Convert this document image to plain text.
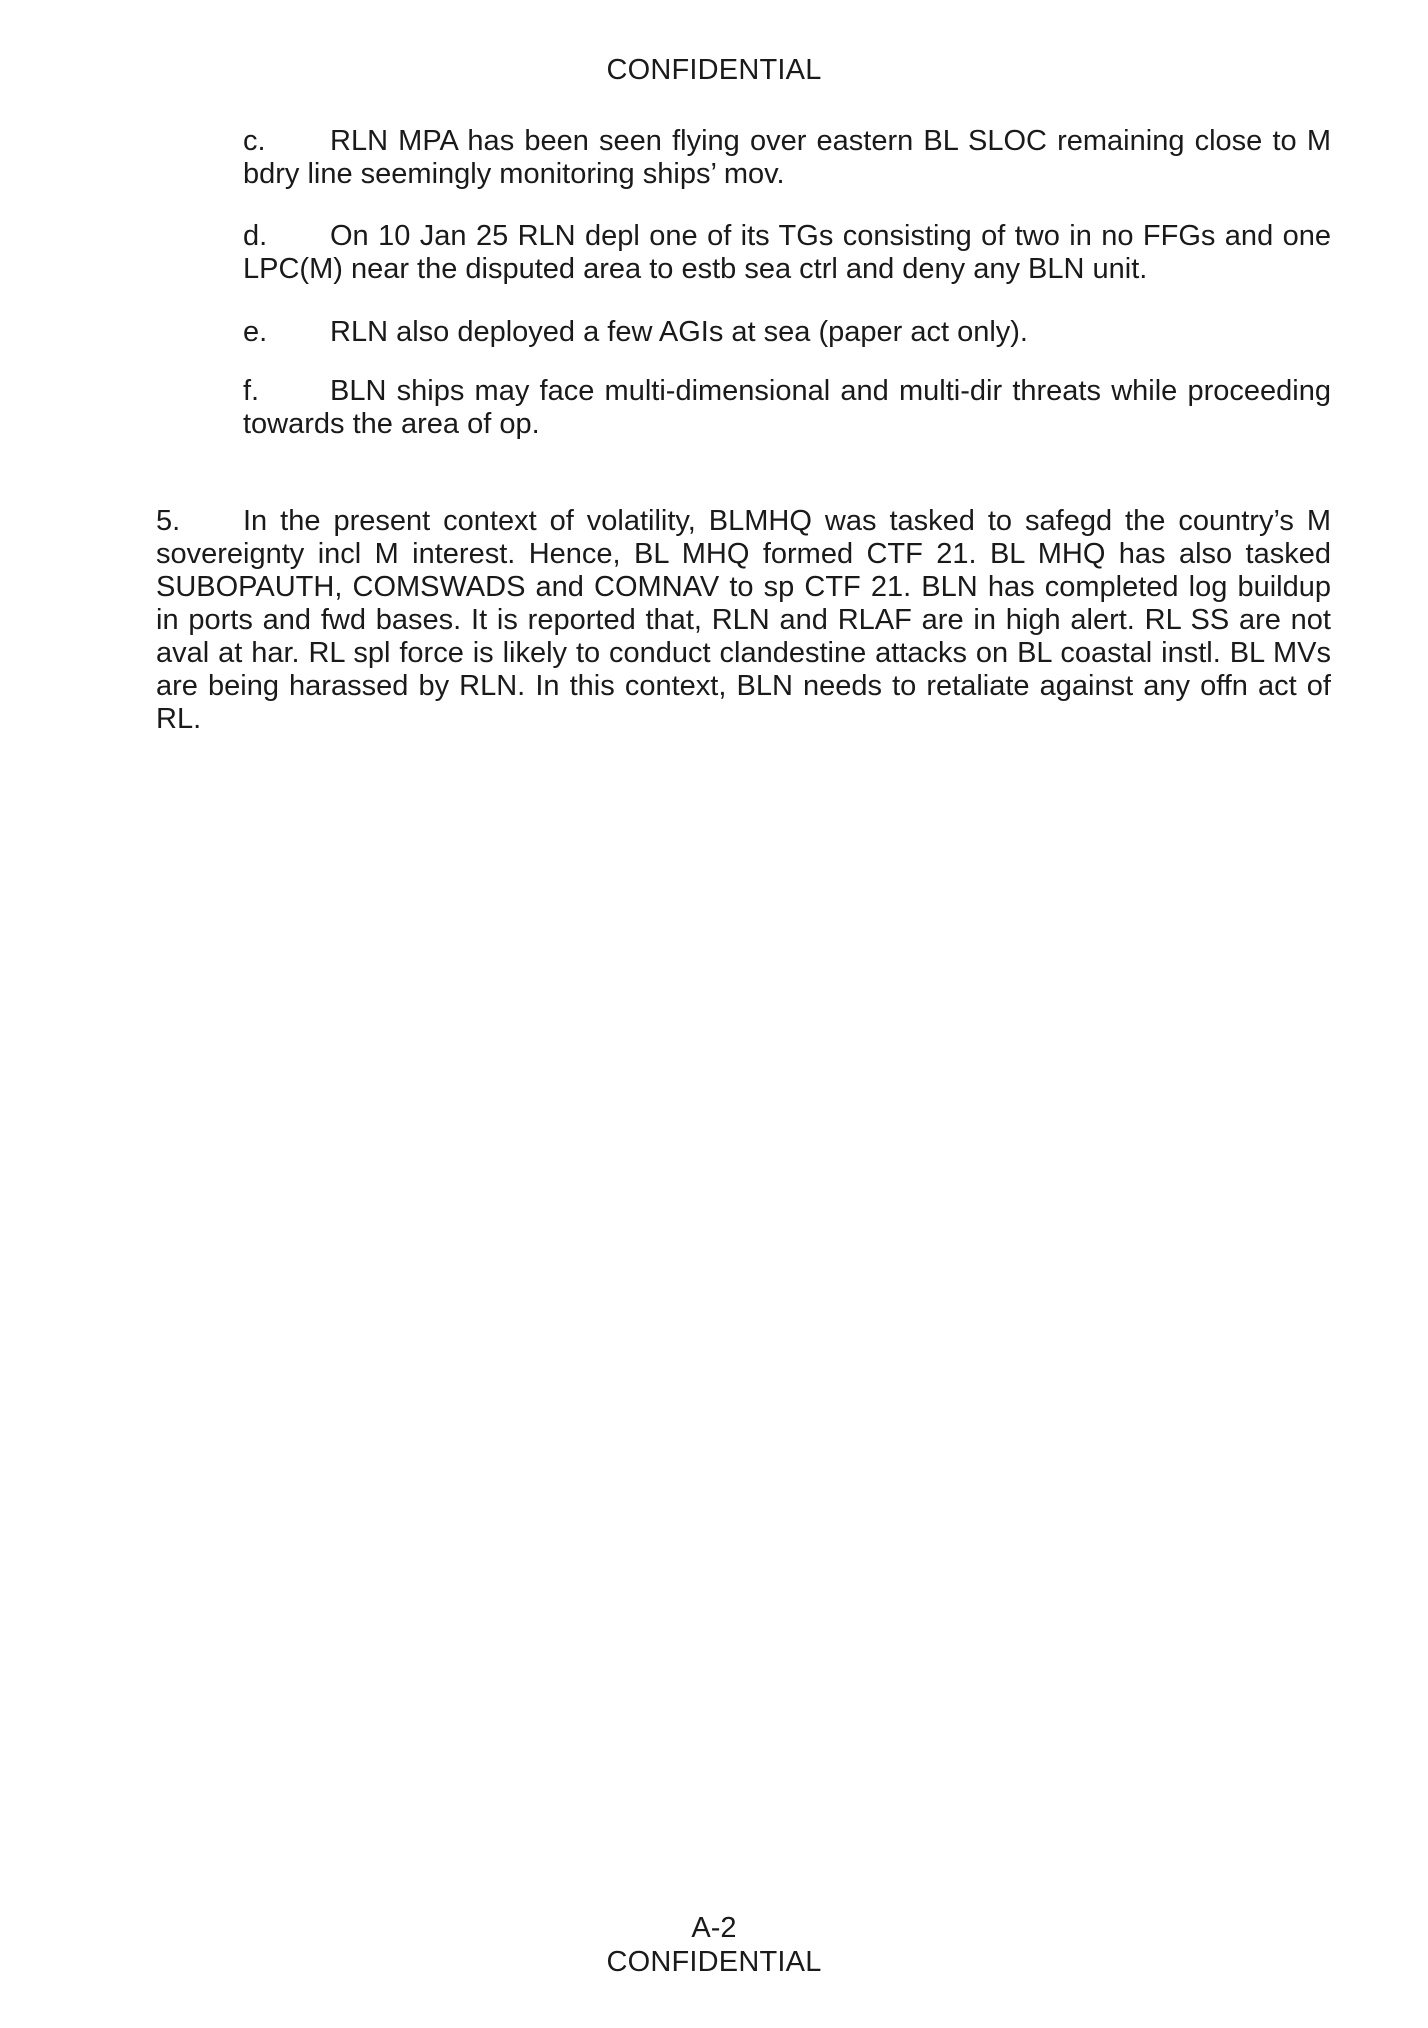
CONFIDENTIAL
c. RLN MPA has been seen flying over eastern BL SLOC remaining close to M bdry line seemingly monitoring ships’ mov.
d. On 10 Jan 25 RLN depl one of its TGs consisting of two in no FFGs and one LPC(M) near the disputed area to estb sea ctrl and deny any BLN unit.
e. RLN also deployed a few AGIs at sea (paper act only).
f. BLN ships may face multi-dimensional and multi-dir threats while proceeding towards the area of op.
5. In the present context of volatility, BLMHQ was tasked to safegd the country’s M sovereignty incl M interest. Hence, BL MHQ formed CTF 21. BL MHQ has also tasked SUBOPAUTH, COMSWADS and COMNAV to sp CTF 21. BLN has completed log buildup in ports and fwd bases. It is reported that, RLN and RLAF are in high alert. RL SS are not aval at har. RL spl force is likely to conduct clandestine attacks on BL coastal instl. BL MVs are being harassed by RLN. In this context, BLN needs to retaliate against any offn act of RL.
A-2
CONFIDENTIAL
